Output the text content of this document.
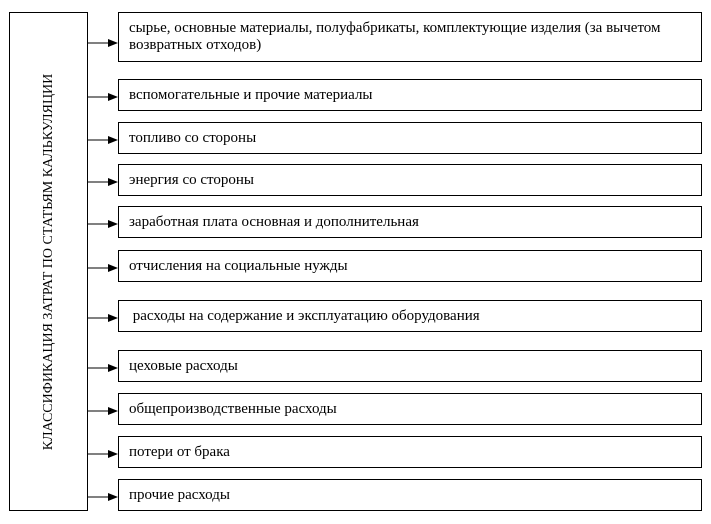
КЛАССИФИКАЦИЯ ЗАТРАТ ПО СТАТЬЯМ КАЛЬКУЛЯЦИИ
сырье, основные материалы, полуфабрикаты, комплектующие изделия (за вычетом возвратных отходов)
вспомогательные и прочие материалы
топливо со стороны
энергия со стороны
заработная плата основная и дополнительная
отчисления на социальные нужды
расходы на содержание и эксплуатацию оборудования
цеховые расходы
общепроизводственные расходы
потери от брака
прочие расходы
